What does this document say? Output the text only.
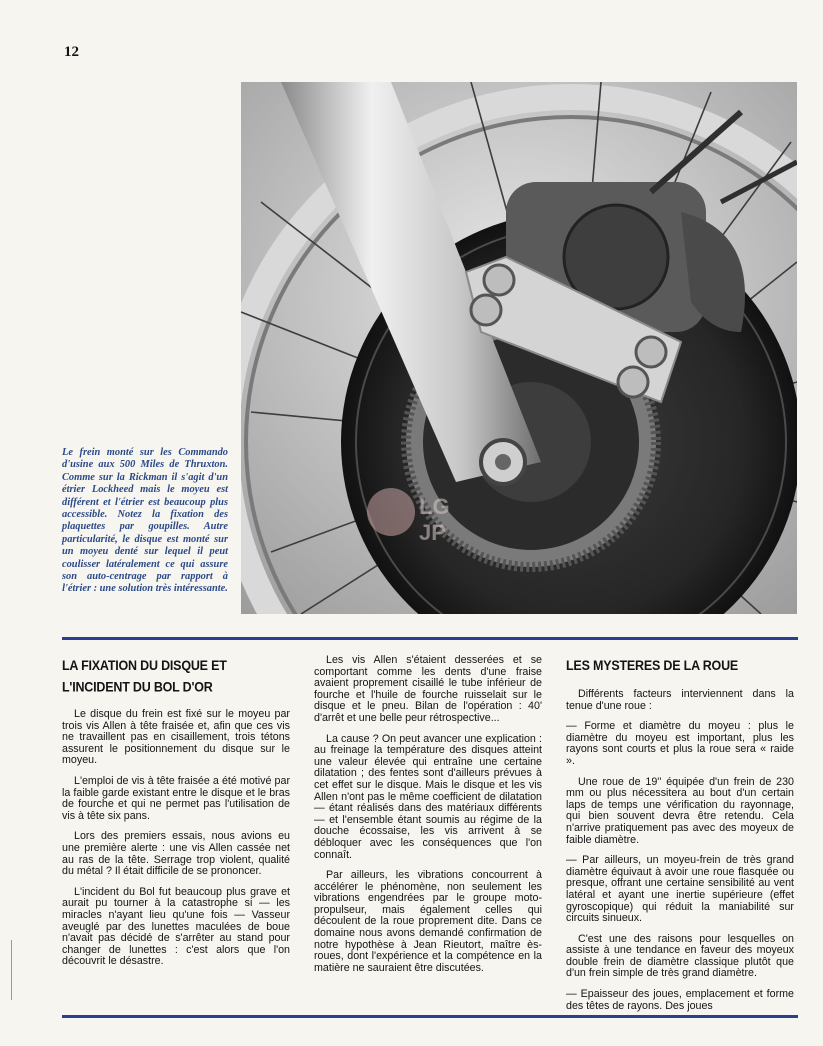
12

Le frein monté sur les Commando d'usine aux 500 Miles de Thruxton. Comme sur la Rickman il s'agit d'un étrier Lockheed mais le moyeu est différent et l'étrier est beaucoup plus accessible. Notez la fixation des plaquettes par goupilles. Autre particularité, le disque est monté sur un moyeu denté sur lequel il peut coulisser latéralement ce qui assure son auto-centrage par rapport à l'étrier : une solution très intéressante.

LG
JP
LA FIXATION DU DISQUE ET L'INCIDENT DU BOL D'OR

Le disque du frein est fixé sur le moyeu par trois vis Allen à tête fraisée et, afin que ces vis ne travaillent pas en cisaillement, trois tétons assurent le positionnement du disque sur le moyeu.

L'emploi de vis à tête fraisée a été motivé par la faible garde existant entre le disque et le bras de fourche et qui ne permet pas l'utilisation de vis à tête six pans.

Lors des premiers essais, nous avions eu une première alerte : une vis Allen cassée net au ras de la tête. Serrage trop violent, qualité du métal ? Il était difficile de se prononcer.

L'incident du Bol fut beaucoup plus grave et aurait pu tourner à la catastrophe si — les miracles n'ayant lieu qu'une fois — Vasseur aveuglé par des lunettes maculées de boue n'avait pas décidé de s'arrêter au stand pour changer de lunettes : c'est alors que l'on découvrit le désastre.

Les vis Allen s'étaient desserées et se comportant comme les dents d'une fraise avaient proprement cisaillé le tube inférieur de fourche et l'huile de fourche ruisselait sur le disque et le pneu. Bilan de l'opération : 40' d'arrêt et une belle peur rétrospective...

La cause ? On peut avancer une explication : au freinage la température des disques atteint une valeur élevée qui entraîne une certaine dilatation ; des fentes sont d'ailleurs prévues à cet effet sur le disque. Mais le disque et les vis Allen n'ont pas le même coefficient de dilatation — étant réalisés dans des matériaux différents — et l'ensemble étant soumis au régime de la douche écossaise, les vis arrivent à se débloquer avec les conséquences que l'on connaît.

Par ailleurs, les vibrations concourrent à accélérer le phénomène, non seulement les vibrations engendrées par le groupe moto-propulseur, mais également celles qui découlent de la roue proprement dite. Dans ce domaine nous avons demandé confirmation de notre hypothèse à Jean Rieutort, maître ès-roues, dont l'expérience et la compétence en la matière ne sauraient être discutées.

LES MYSTERES DE LA ROUE

Différents facteurs interviennent dans la tenue d'une roue :

— Forme et diamètre du moyeu : plus le diamètre du moyeu est important, plus les rayons sont courts et plus la roue sera « raide ».

Une roue de 19'' équipée d'un frein de 230 mm ou plus nécessitera au bout d'un certain laps de temps une vérification du rayonnage, qui bien souvent devra être retendu. Cela n'arrive pratiquement pas avec des moyeux de faible diamètre.

— Par ailleurs, un moyeu-frein de très grand diamètre équivaut à avoir une roue flasquée ou presque, offrant une certaine sensibilité au vent latéral et ayant une inertie supérieure (effet gyroscopique) qui réduit la maniabilité sur circuits sinueux.

C'est une des raisons pour lesquelles on assiste à une tendance en faveur des moyeux double frein de diamètre classique plutôt que d'un frein simple de très grand diamètre.

— Epaisseur des joues, emplacement et forme des têtes de rayons. Des joues
